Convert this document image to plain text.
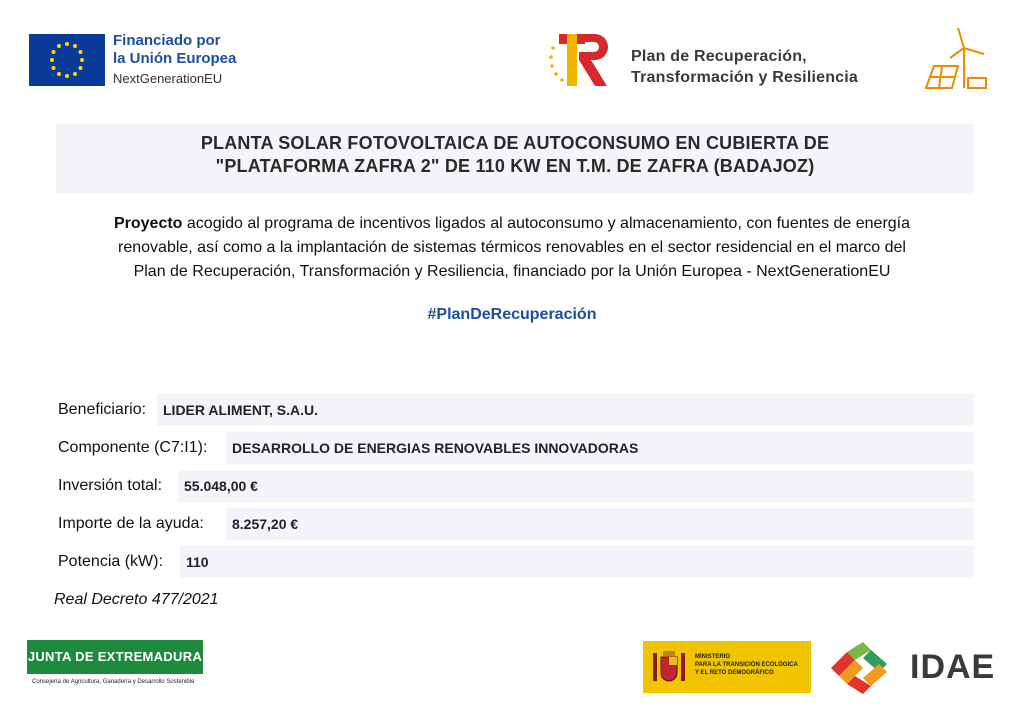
Financiado por
la Unión Europea
NextGenerationEU
Plan de Recuperación,
Transformación y Resiliencia
PLANTA SOLAR FOTOVOLTAICA DE AUTOCONSUMO EN CUBIERTA DE
"PLATAFORMA ZAFRA 2" DE 110 KW EN T.M. DE ZAFRA (BADAJOZ)
Proyecto acogido al programa de incentivos ligados al autoconsumo y almacenamiento, con fuentes de energía
renovable, así como a la implantación de sistemas térmicos renovables en el sector residencial en el marco del
Plan de Recuperación, Transformación y Resiliencia, financiado por la Unión Europea - NextGenerationEU
#PlanDeRecuperación
Beneficiario:	LIDER ALIMENT, S.A.U.
Componente (C7:I1):	DESARROLLO DE ENERGIAS RENOVABLES INNOVADORAS
Inversión total:	55.048,00 €
Importe de la ayuda:	8.257,20 €
Potencia (kW):	110
Real Decreto 477/2021
JUNTA DE EXTREMADURA
Consejería de Agricultura, Ganadería y Desarrollo Sostenible
MINISTERIO
PARA LA TRANSICIÓN ECOLÓGICA
Y EL RETO DEMOGRÁFICO	IDAE
